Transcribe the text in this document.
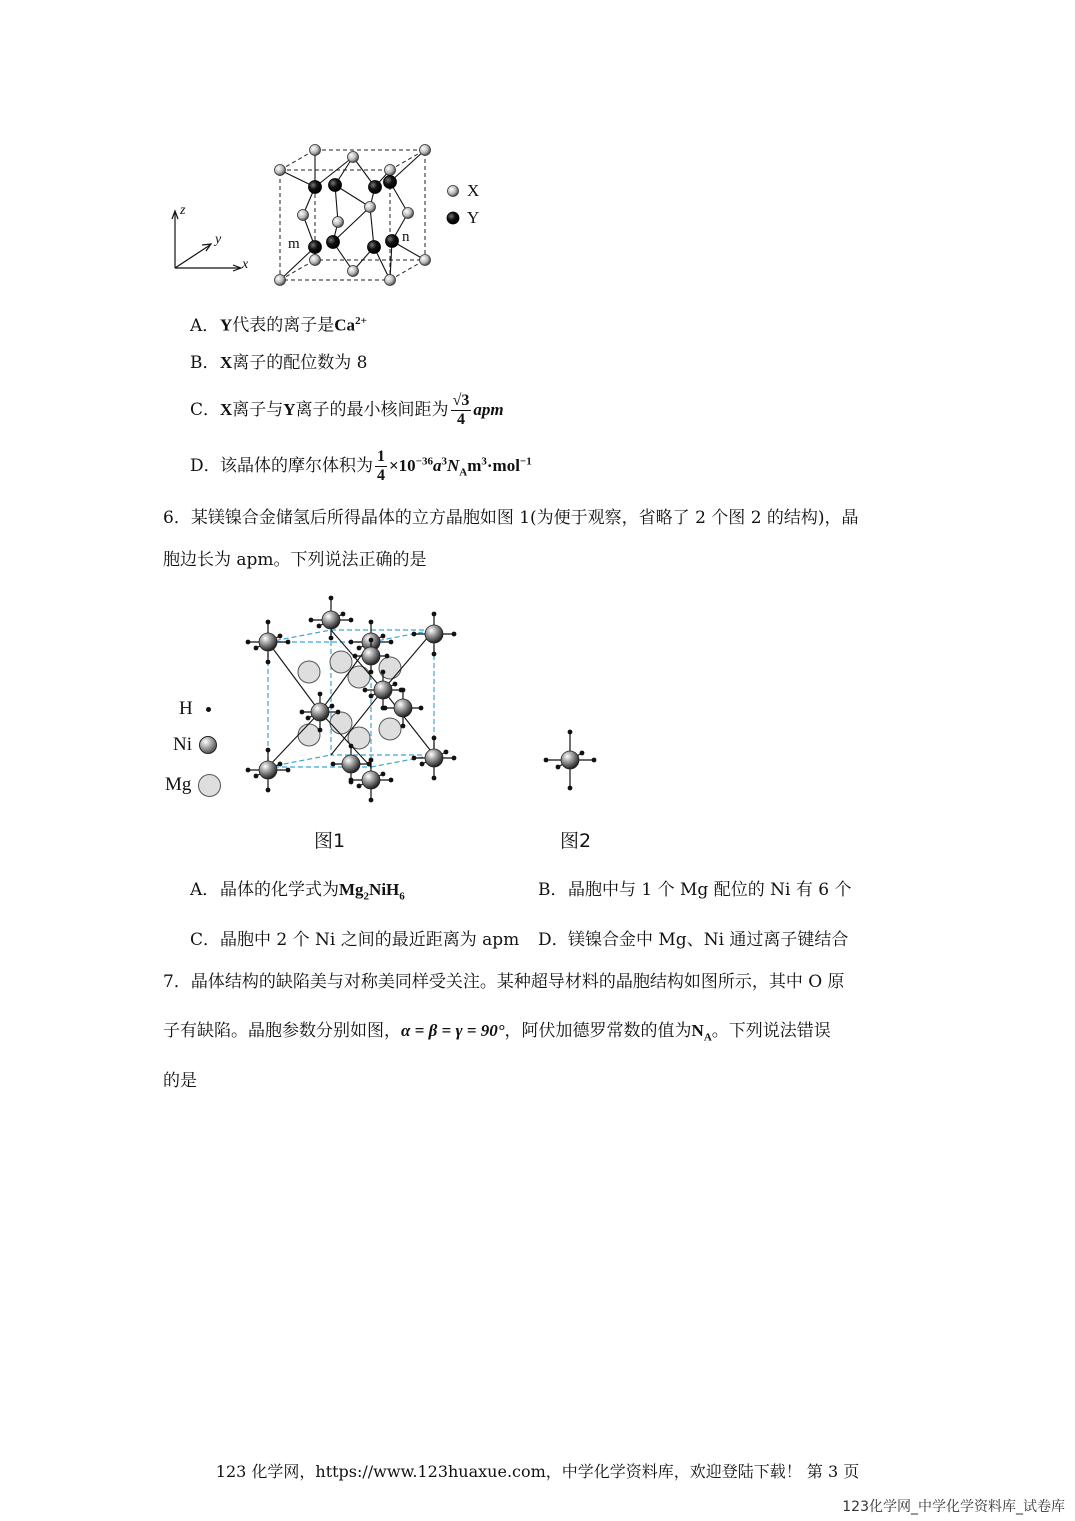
z
y
x
m	n
X
Y
A．Y代表的离子是$Ca^{2+}$
B．X离子的配位数为 8
C．X离子与Y离子的最小核间距为 $\frac{√3}{4}$ apm
D．该晶体的摩尔体积为 $\frac{1}{4} \times 10^{-36}a^3N_Am^3\cdot mol^{-1}$
6．某镁镍合金储氢后所得晶体的立方晶胞如图 1(为便于观察，省略了 2 个图 2 的结构)，晶
胞边长为 apm。下列说法正确的是
H
Ni
Mg
图1	图2
A．晶体的化学式为$Mg_2NiH_6$	B．晶胞中与 1 个 Mg 配位的 Ni 有 6 个
C．晶胞中 2 个 Ni 之间的最近距离为 apm D．镁镍合金中 Mg、Ni 通过离子键结合
7．晶体结构的缺陷美与对称美同样受关注。某种超导材料的晶胞结构如图所示，其中 O 原
子有缺陷。晶胞参数分别如图，α = β = γ = 90°，阿伏加德罗常数的值为$N_A$。下列说法错误
的是
123 化学网，https://www.123huaxue.com，中学化学资料库，欢迎登陆下载！ 第 3 页
123化学网_中学化学资料库_试卷库
